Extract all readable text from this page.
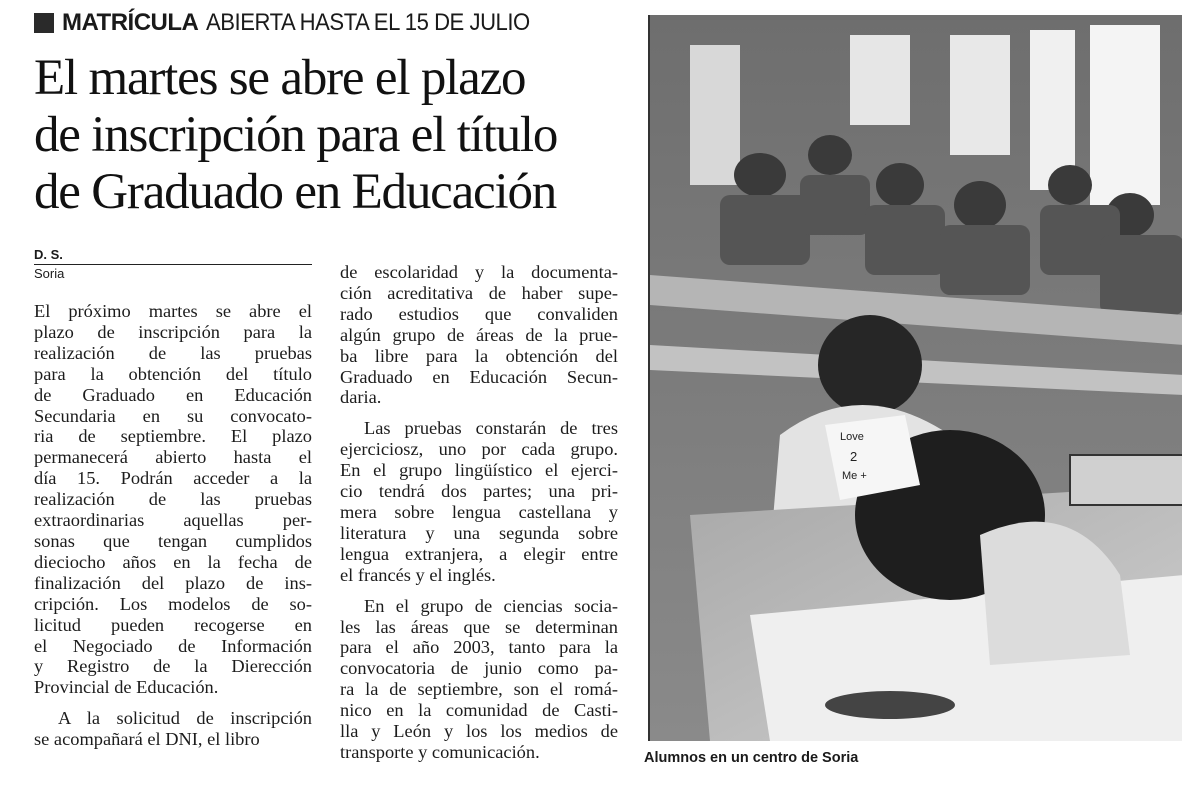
MATRÍCULA ABIERTA HASTA EL 15 DE JULIO
El martes se abre el plazo
de inscripción para el título
de Graduado en Educación
D. S.
Soria

El próximo martes se abre el
plazo de inscripción para la
realización de las pruebas
para la obtención del título
de Graduado en Educación
Secundaria en su convocato-
ria de septiembre. El plazo
permanecerá abierto hasta el
día 15. Podrán acceder a la
realización de las pruebas
extraordinarias aquellas per-
sonas que tengan cumplidos
dieciocho años en la fecha de
finalización del plazo de ins-
cripción. Los modelos de so-
licitud pueden recogerse en
el Negociado de Información
y Registro de la Dierección
Provincial de Educación.

A la solicitud de inscripción
se acompañará el DNI, el libro

de escolaridad y la documenta-
ción acreditativa de haber supe-
rado estudios que convaliden
algún grupo de áreas de la prue-
ba libre para la obtención del
Graduado en Educación Secun-
daria.

Las pruebas constarán de tres
ejerciciosz, uno por cada grupo.
En el grupo lingüístico el ejerci-
cio tendrá dos partes; una pri-
mera sobre lengua castellana y
literatura y una segunda sobre
lengua extranjera, a elegir entre
el francés y el inglés.

En el grupo de ciencias socia-
les las áreas que se determinan
para el año 2003, tanto para la
convocatoria de junio como pa-
ra la de septiembre, son el romá-
nico en la comunidad de Casti-
lla y León y los los medios de
transporte y comunicación.

Love
2
Me +
Alumnos en un centro de Soria
